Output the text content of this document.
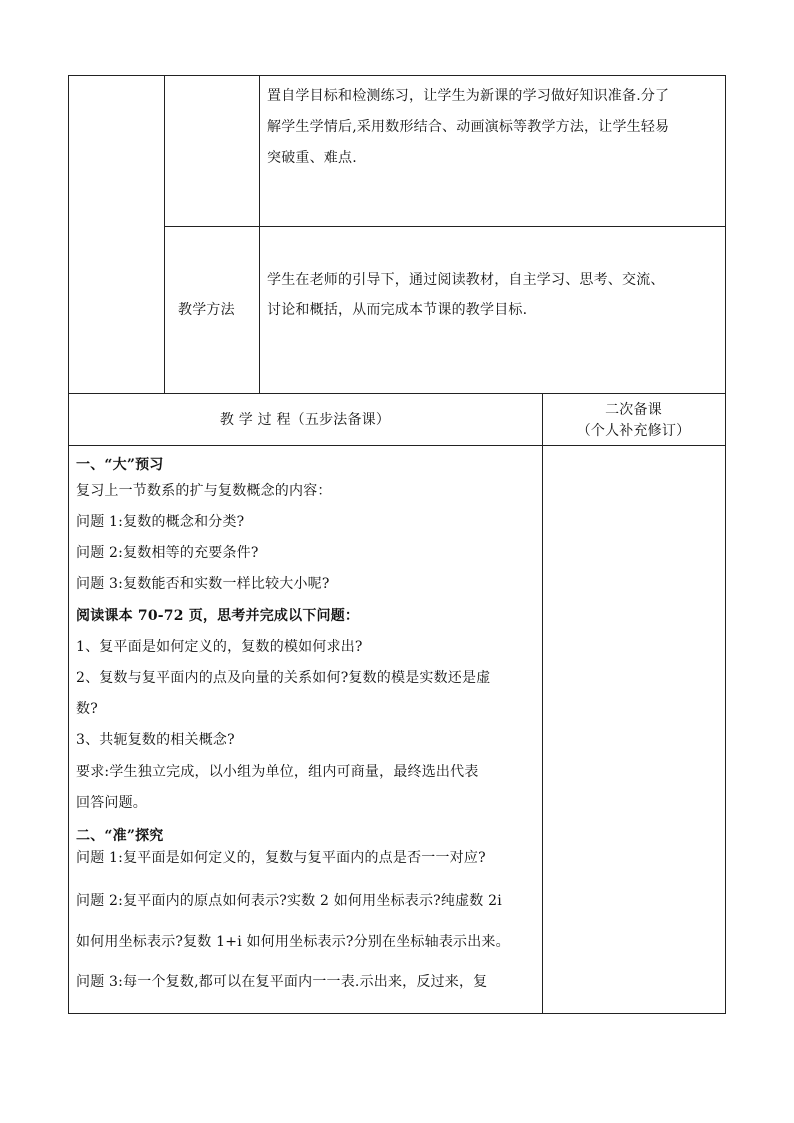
置自学目标和检测练习，让学生为新课的学习做好知识准备.分了
解学生学情后,采用数形结合、动画演标等教学方法，让学生轻易
突破重、难点.
教学方法
学生在老师的引导下，通过阅读教材，自主学习、思考、交流、
讨论和概括，从而完成本节课的教学目标.
教 学 过 程（五步法备课）
二次备课
（个人补充修订）
一、“大”预习
复习上一节数系的扩与复数概念的内容：
问题 1:复数的概念和分类?
问题 2:复数相等的充要条件?
问题 3:复数能否和实数一样比较大小呢?
阅读课本 70-72 页，思考并完成以下问题：
1、复平面是如何定义的，复数的模如何求出?
2、复数与复平面内的点及向量的关系如何?复数的模是实数还是虚
数?
3、共轭复数的相关概念?
要求:学生独立完成，以小组为单位，组内可商量，最终选出代表
回答问题。
二、“准”探究
问题 1:复平面是如何定义的，复数与复平面内的点是否一一对应?
问题 2:复平面内的原点如何表示?实数 2 如何用坐标表示?纯虚数 2i
如何用坐标表示?复数 1+i 如何用坐标表示?分别在坐标轴表示出来。
问题 3:每一个复数,都可以在复平面内一一表.示出来，反过来，复
